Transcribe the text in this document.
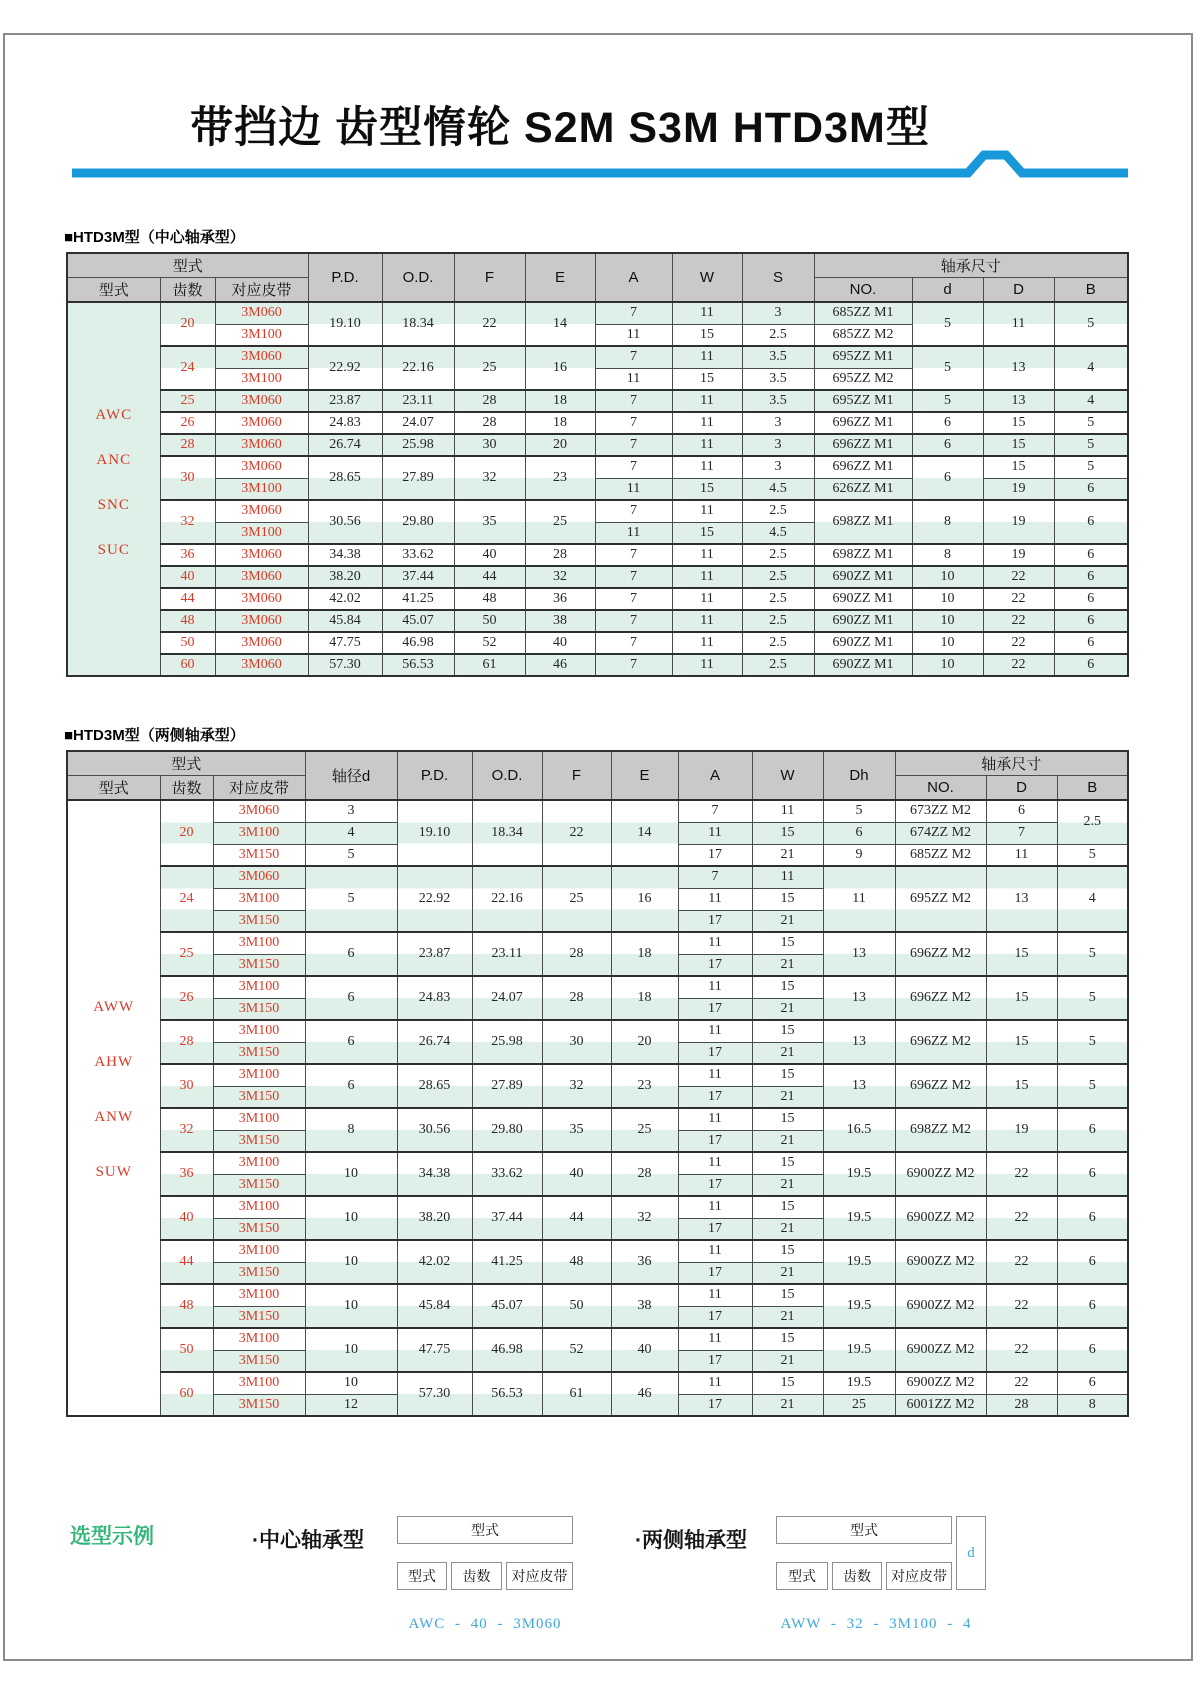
带挡边 齿型惰轮 S2M S3M HTD3M型
■HTD3M型（中心轴承型）
型式			P.D.	O.D.	F	E	A	W	S	轴承尺寸			
型式	齿数	对应皮带								NO.	d	D	B

AWC
ANC
SNC
SUC	20	3M060	19.10	18.34	22	14	7	11	3	685ZZ M1	5	11	5
		3M100					11	15	2.5	685ZZ M2			
	24	3M060	22.92	22.16	25	16	7	11	3.5	695ZZ M1	5	13	4
		3M100					11	15	3.5	695ZZ M2			
	25	3M060	23.87	23.11	28	18	7	11	3.5	695ZZ M1	5	13	4
	26	3M060	24.83	24.07	28	18	7	11	3	696ZZ M1	6	15	5
	28	3M060	26.74	25.98	30	20	7	11	3	696ZZ M1	6	15	5
	30	3M060	28.65	27.89	32	23	7	11	3	696ZZ M1	6	15	5
		3M100					11	15	4.5	626ZZ M1		19	6
	32	3M060	30.56	29.80	35	25	7	11	2.5	698ZZ M1	8	19	6
		3M100					11	15	4.5				
	36	3M060	34.38	33.62	40	28	7	11	2.5	698ZZ M1	8	19	6
	40	3M060	38.20	37.44	44	32	7	11	2.5	690ZZ M1	10	22	6
	44	3M060	42.02	41.25	48	36	7	11	2.5	690ZZ M1	10	22	6
	48	3M060	45.84	45.07	50	38	7	11	2.5	690ZZ M1	10	22	6
	50	3M060	47.75	46.98	52	40	7	11	2.5	690ZZ M1	10	22	6
	60	3M060	57.30	56.53	61	46	7	11	2.5	690ZZ M1	10	22	6
■HTD3M型（两侧轴承型）
型式			轴径d	P.D.	O.D.	F	E	A	W	Dh	轴承尺寸		
型式	齿数	对应皮带									NO.	D	B

AWW
AHW
ANW
SUW	20	3M060	3	19.10	18.34	22	14	7	11	5	673ZZ M2	6	2.5
		3M100	4					11	15	6	674ZZ M2	7	
		3M150	5					17	21	9	685ZZ M2	11	5
	24	3M060	5	22.92	22.16	25	16	7	11	11	695ZZ M2	13	4
		3M100						11	15				
		3M150						17	21				
	25	3M100	6	23.87	23.11	28	18	11	15	13	696ZZ M2	15	5
		3M150						17	21				
	26	3M100	6	24.83	24.07	28	18	11	15	13	696ZZ M2	15	5
		3M150						17	21				
	28	3M100	6	26.74	25.98	30	20	11	15	13	696ZZ M2	15	5
		3M150						17	21				
	30	3M100	6	28.65	27.89	32	23	11	15	13	696ZZ M2	15	5
		3M150						17	21				
	32	3M100	8	30.56	29.80	35	25	11	15	16.5	698ZZ M2	19	6
		3M150						17	21				
	36	3M100	10	34.38	33.62	40	28	11	15	19.5	6900ZZ M2	22	6
		3M150						17	21				
	40	3M100	10	38.20	37.44	44	32	11	15	19.5	6900ZZ M2	22	6
		3M150						17	21				
	44	3M100	10	42.02	41.25	48	36	11	15	19.5	6900ZZ M2	22	6
		3M150						17	21				
	48	3M100	10	45.84	45.07	50	38	11	15	19.5	6900ZZ M2	22	6
		3M150						17	21				
	50	3M100	10	47.75	46.98	52	40	11	15	19.5	6900ZZ M2	22	6
		3M150						17	21				
	60	3M100	10	57.30	56.53	61	46	11	15	19.5	6900ZZ M2	22	6
		3M150	12					17	21	25	6001ZZ M2	28	8
选型示例	·中心轴承型	型式
型式	齿数	对应皮带
AWC - 40 - 3M060
·两侧轴承型	型式
型式	齿数	对应皮带
d
AWW - 32 - 3M100 - 4
